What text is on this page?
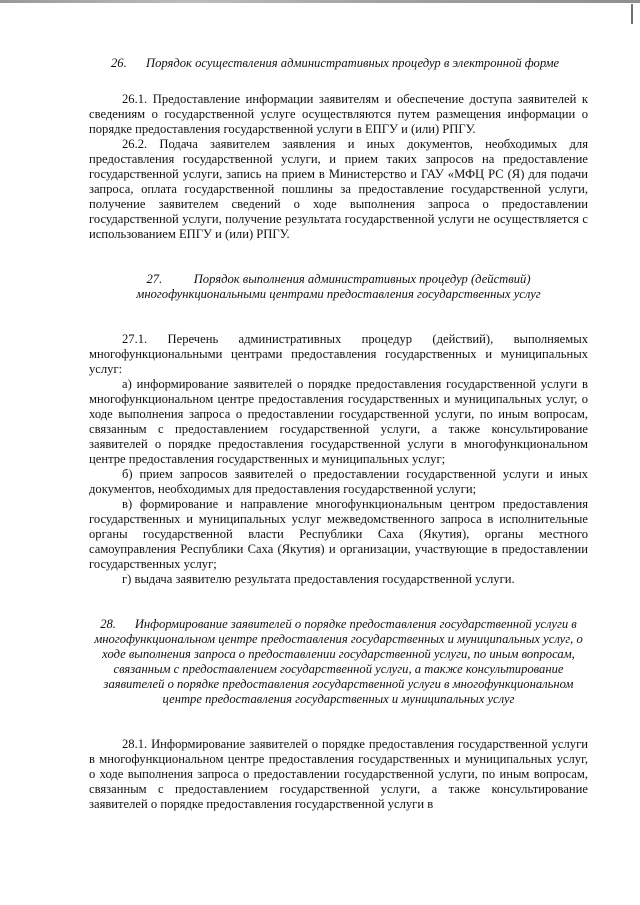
26. Порядок осуществления административных процедур в электронной форме

26.1. Предоставление информации заявителям и обеспечение доступа заявителей к сведениям о государственной услуге осуществляются путем размещения информации о порядке предоставления государственной услуги в ЕПГУ и (или) РПГУ.

26.2. Подача заявителем заявления и иных документов, необходимых для предоставления государственной услуги, и прием таких запросов на предоставление государственной услуги, запись на прием в Министерство и ГАУ «МФЦ РС (Я) для подачи запроса, оплата государственной пошлины за предоставление государственной услуги, получение заявителем сведений о ходе выполнения запроса о предоставлении государственной услуги, получение результата государственной услуги не осуществляется с использованием ЕПГУ и (или) РПГУ.

27.          Порядок выполнения административных процедур (действий) многофункциональными центрами предоставления государственных услуг

27.1. Перечень административных процедур (действий), выполняемых многофункциональными центрами предоставления государственных и муниципальных услуг:

а) информирование заявителей о порядке предоставления государственной услуги в многофункциональном центре предоставления государственных и муниципальных услуг, о ходе выполнения запроса о предоставлении государственной услуги, по иным вопросам, связанным с предоставлением государственной услуги, а также консультирование заявителей о порядке предоставления государственной услуги в многофункциональном центре предоставления государственных и муниципальных услуг;

б) прием запросов заявителей о предоставлении государственной услуги и иных документов, необходимых для предоставления государственной услуги;

в) формирование и направление многофункциональным центром предоставления государственных и муниципальных услуг межведомственного запроса в исполнительные органы государственной власти Республики Саха (Якутия), органы местного самоуправления Республики Саха (Якутия) и организации, участвующие в предоставлении государственных услуг;

г) выдача заявителю результата предоставления государственной услуги.

28.      Информирование заявителей о порядке предоставления государственной услуги в многофункциональном центре предоставления государственных и муниципальных услуг, о ходе выполнения запроса о предоставлении государственной услуги, по иным вопросам, связанным с предоставлением государственной услуги, а также консультирование заявителей о порядке предоставления государственной услуги в многофункциональном центре предоставления государственных и муниципальных услуг

28.1. Информирование заявителей о порядке предоставления государственной услуги в многофункциональном центре предоставления государственных и муниципальных услуг, о ходе выполнения запроса о предоставлении государственной услуги, по иным вопросам, связанным с предоставлением государственной услуги, а также консультирование заявителей о порядке предоставления государственной услуги в
